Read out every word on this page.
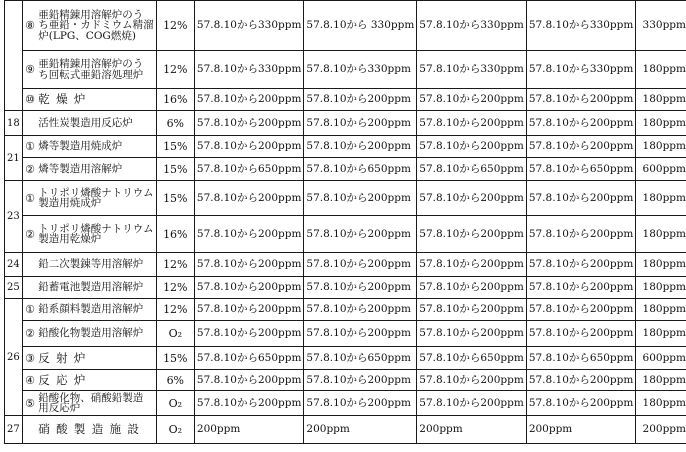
	⑧	亜鉛精錬用溶解炉のうち亜鉛・カドミウム精溜炉(LPG、COG燃焼)	12%	57.8.10から330ppm	57.8.10から 330ppm	57.8.10から330ppm	57.8.10から330ppm	330ppm
	⑨	亜鉛精錬用溶解炉のうち回転式亜鉛溶処理炉	12%	57.8.10から330ppm	57.8.10から330ppm	57.8.10から330ppm	57.8.10から330ppm	180ppm
	⑩	乾燥炉	16%	57.8.10から200ppm	57.8.10から200ppm	57.8.10から200ppm	57.8.10から200ppm	180ppm
18		活性炭製造用反応炉	6%	57.8.10から200ppm	57.8.10から200ppm	57.8.10から200ppm	57.8.10から200ppm	180ppm
21	①	燐等製造用焼成炉	15%	57.8.10から200ppm	57.8.10から200ppm	57.8.10から200ppm	57.8.10から200ppm	180ppm
	②	燐等製造用溶解炉	15%	57.8.10から650ppm	57.8.10から650ppm	57.8.10から650ppm	57.8.10から650ppm	600ppm
23	①	トリポリ燐酸ナトリウム製造用焼成炉	15%	57.8.10から200ppm	57.8.10から200ppm	57.8.10から200ppm	57.8.10から200ppm	180ppm
	②	トリポリ燐酸ナトリウム製造用乾燥炉	16%	57.8.10から200ppm	57.8.10から200ppm	57.8.10から200ppm	57.8.10から200ppm	180ppm
24		鉛二次製錬等用溶解炉	12%	57.8.10から200ppm	57.8.10から200ppm	57.8.10から200ppm	57.8.10から200ppm	180ppm
25		鉛蓄電池製造用溶解炉	12%	57.8.10から200ppm	57.8.10から200ppm	57.8.10から200ppm	57.8.10から200ppm	180ppm
26	①	鉛系顔料製造用溶解炉	12%	57.8.10から200ppm	57.8.10から200ppm	57.8.10から200ppm	57.8.10から200ppm	180ppm
	②	鉛酸化物製造用溶解炉	O₂	57.8.10から200ppm	57.8.10から200ppm	57.8.10から200ppm	57.8.10から200ppm	180ppm
	③	反射炉	15%	57.8.10から650ppm	57.8.10から650ppm	57.8.10から650ppm	57.8.10から650ppm	600ppm
	④	反応炉	6%	57.8.10から200ppm	57.8.10から200ppm	57.8.10から200ppm	57.8.10から200ppm	180ppm
	⑤	鉛酸化物、硝酸鉛製造用反応炉	O₂	57.8.10から200ppm	57.8.10から200ppm	57.8.10から200ppm	57.8.10から200ppm	180ppm
27		硝酸製造施設	O₂	200ppm	200ppm	200ppm	200ppm	200ppm
